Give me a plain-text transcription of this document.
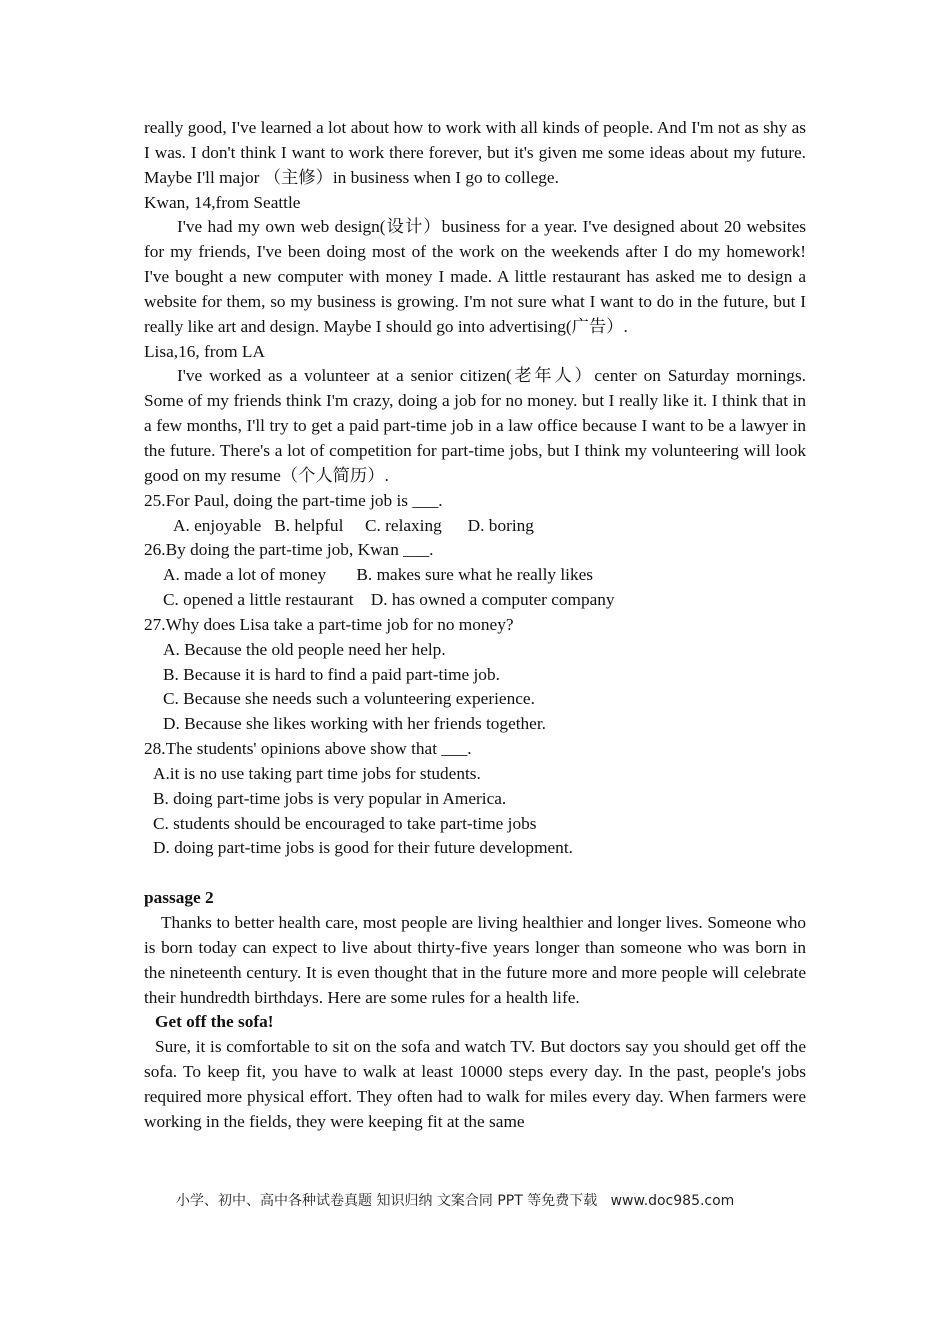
really good, I've learned a lot about how to work with all kinds of people. And I'm not as shy as I was. I don't think I want to work there forever, but it's given me some ideas about my future. Maybe I'll major （主修）in business when I go to college.

Kwan, 14,from Seattle

I've had my own web design(设计）business for a year. I've designed about 20 websites for my friends, I've been doing most of the work on the weekends after I do my homework! I've bought a new computer with money I made. A little restaurant has asked me to design a website for them, so my business is growing. I'm not sure what I want to do in the future, but I really like art and design. Maybe I should go into advertising(广告）.

Lisa,16, from LA

I've worked as a volunteer at a senior citizen(老年人）center on Saturday mornings. Some of my friends think I'm crazy, doing a job for no money. but I really like it. I think that in a few months, I'll try to get a paid part-time job in a law office because I want to be a lawyer in the future. There's a lot of competition for part-time jobs, but I think my volunteering will look good on my resume（个人简历）.

25.For Paul, doing the part-time job is ___.

A. enjoyable   B. helpful     C. relaxing      D. boring

26.By doing the part-time job, Kwan ___.

A. made a lot of money       B. makes sure what he really likes

C. opened a little restaurant    D. has owned a computer company

27.Why does Lisa take a part-time job for no money?

A. Because the old people need her help.

B. Because it is hard to find a paid part-time job.

C. Because she needs such a volunteering experience.

D. Because she likes working with her friends together.

28.The students' opinions above show that ___.

A.it is no use taking part time jobs for students.

B. doing part-time jobs is very popular in America.

C. students should be encouraged to take part-time jobs

D. doing part-time jobs is good for their future development.

passage 2

Thanks to better health care, most people are living healthier and longer lives. Someone who is born today can expect to live about thirty-five years longer than someone who was born in the nineteenth century. It is even thought that in the future more and more people will celebrate their hundredth birthdays. Here are some rules for a health life.

Get off the sofa!

Sure, it is comfortable to sit on the sofa and watch TV. But doctors say you should get off the sofa. To keep fit, you have to walk at least 10000 steps every day. In the past, people's jobs required more physical effort. They often had to walk for miles every day. When farmers were working in the fields, they were keeping fit at the same

小学、初中、高中各种试卷真题 知识归纳 文案合同 PPT 等免费下载   www.doc985.com
